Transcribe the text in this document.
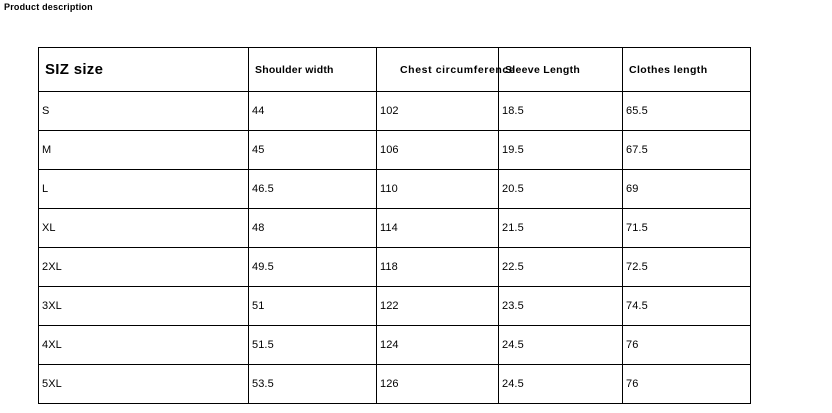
Product description
SIZ size	Shoulder width	Chest circumference	Sleeve Length	Clothes length

S	44	102	18.5	65.5
M	45	106	19.5	67.5
L	46.5	110	20.5	69
XL	48	114	21.5	71.5
2XL	49.5	118	22.5	72.5
3XL	51	122	23.5	74.5
4XL	51.5	124	24.5	76
5XL	53.5	126	24.5	76
